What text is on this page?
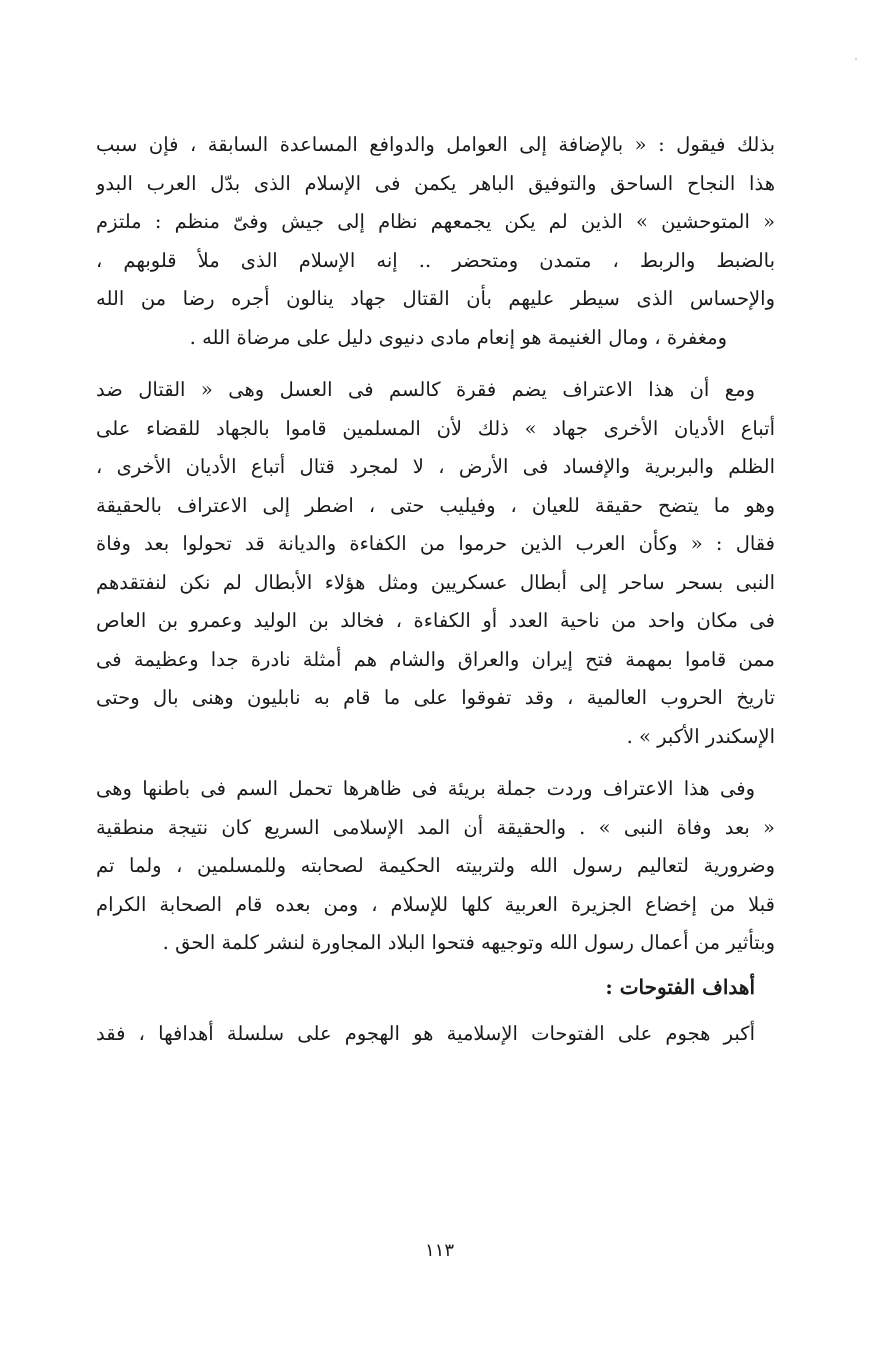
بذلك فيقول : « بالإضافة إلى العوامل والدوافع المساعدة السابقة ، فإن سبب
هذا النجاح الساحق والتوفيق الباهر يكمن فى الإسلام الذى بدّل العرب البدو
« المتوحشين » الذين لم يكن يجمعهم نظام إلى جيش وفىّ منظم : ملتزم
بالضبط والربط ، متمدن ومتحضر .. إنه الإسلام الذى ملأ قلوبهم ،
والإحساس الذى سيطر عليهم بأن القتال جهاد ينالون أجره رضا من الله
ومغفرة ، ومال الغنيمة هو إنعام مادى دنيوى دليل على مرضاة الله .
ومع أن هذا الاعتراف يضم فقرة كالسم فى العسل وهى « القتال ضد
أتباع الأديان الأخرى جهاد » ذلك لأن المسلمين قاموا بالجهاد للقضاء على
الظلم والبربرية والإفساد فى الأرض ، لا لمجرد قتال أتباع الأديان الأخرى ،
وهو ما يتضح حقيقة للعيان ، وفيليب حتى ، اضطر إلى الاعتراف بالحقيقة
فقال : « وكأن العرب الذين حرموا من الكفاءة والديانة قد تحولوا بعد وفاة
النبى بسحر ساحر إلى أبطال عسكريين ومثل هؤلاء الأبطال لم نكن لنفتقدهم
فى مكان واحد من ناحية العدد أو الكفاءة ، فخالد بن الوليد وعمرو بن العاص
ممن قاموا بمهمة فتح إيران والعراق والشام هم أمثلة نادرة جدا وعظيمة فى
تاريخ الحروب العالمية ، وقد تفوقوا على ما قام به نابليون وهنى بال وحتى
الإسكندر الأكبر » .
وفى هذا الاعتراف وردت جملة بريئة فى ظاهرها تحمل السم فى باطنها وهى
« بعد وفاة النبى » . والحقيقة أن المد الإسلامى السريع كان نتيجة منطقية
وضرورية لتعاليم رسول الله ولتربيته الحكيمة لصحابته وللمسلمين ، ولما تم
قبلا من إخضاع الجزيرة العربية كلها للإسلام ، ومن بعده قام الصحابة الكرام
وبتأثير من أعمال رسول الله وتوجيهه فتحوا البلاد المجاورة لنشر كلمة الحق .
أهداف الفتوحات :
أكبر هجوم على الفتوحات الإسلامية هو الهجوم على سلسلة أهدافها ، فقد
١١٣
